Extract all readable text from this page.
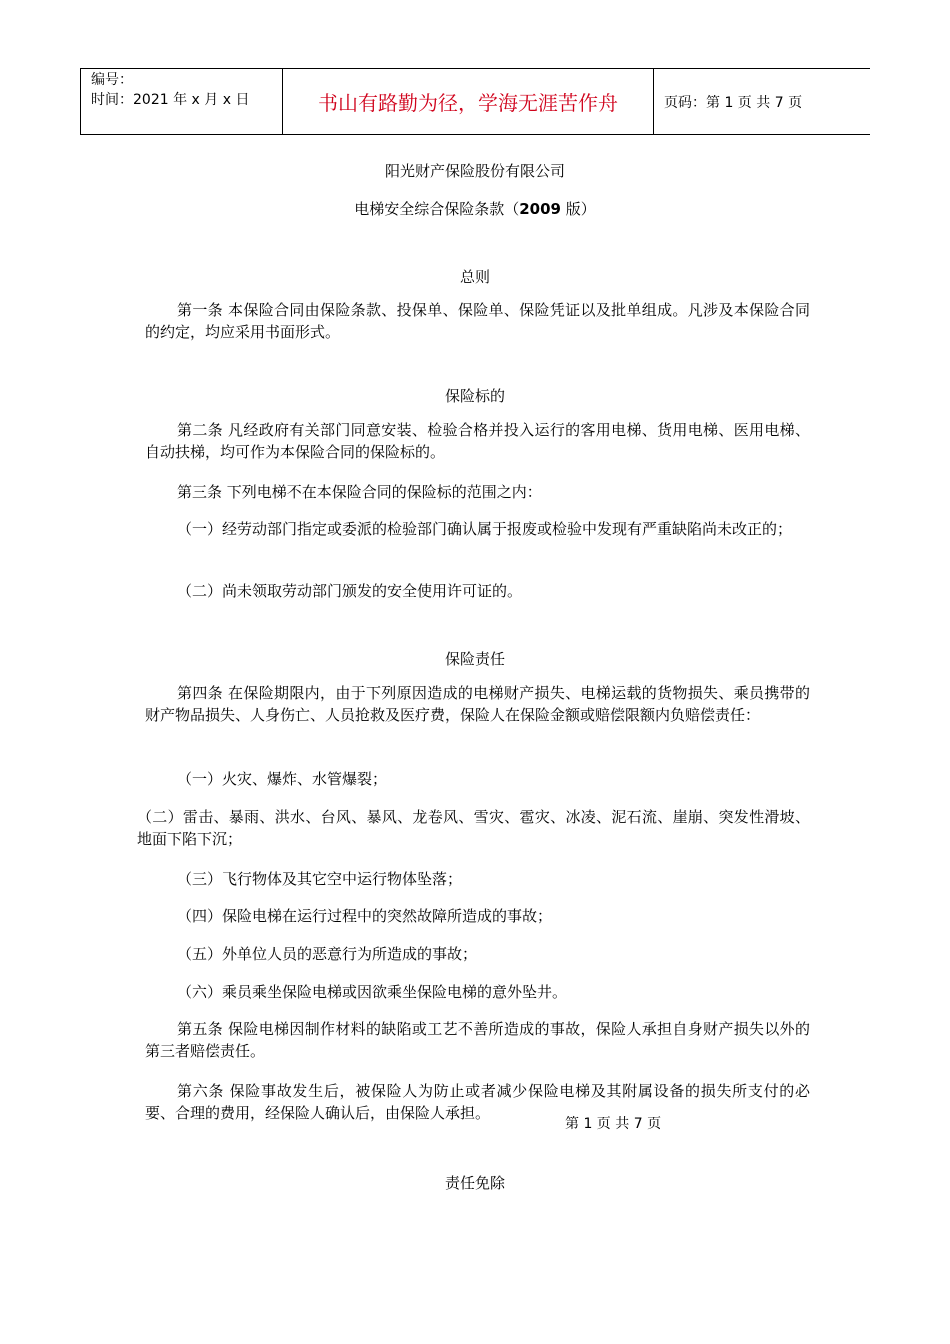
编号：
时间：2021 年 x 月 x 日	书山有路勤为径，学海无涯苦作舟	页码：第 1 页 共 7 页
阳光财产保险股份有限公司
电梯安全综合保险条款（2009 版）
总则
第一条 本保险合同由保险条款、投保单、保险单、保险凭证以及批单组成。凡涉及本保险合同的约定，均应采用书面形式。
保险标的
第二条 凡经政府有关部门同意安装、检验合格并投入运行的客用电梯、货用电梯、医用电梯、自动扶梯，均可作为本保险合同的保险标的。
第三条 下列电梯不在本保险合同的保险标的范围之内：
（一）经劳动部门指定或委派的检验部门确认属于报废或检验中发现有严重缺陷尚未改正的；
（二）尚未领取劳动部门颁发的安全使用许可证的。
保险责任
第四条 在保险期限内，由于下列原因造成的电梯财产损失、电梯运载的货物损失、乘员携带的财产物品损失、人身伤亡、人员抢救及医疗费，保险人在保险金额或赔偿限额内负赔偿责任：
（一）火灾、爆炸、水管爆裂；
（二）雷击、暴雨、洪水、台风、暴风、龙卷风、雪灾、雹灾、冰凌、泥石流、崖崩、突发性滑坡、地面下陷下沉；
（三）飞行物体及其它空中运行物体坠落；
（四）保险电梯在运行过程中的突然故障所造成的事故；
（五）外单位人员的恶意行为所造成的事故；
（六）乘员乘坐保险电梯或因欲乘坐保险电梯的意外坠井。
第五条 保险电梯因制作材料的缺陷或工艺不善所造成的事故，保险人承担自身财产损失以外的第三者赔偿责任。
第六条 保险事故发生后，被保险人为防止或者减少保险电梯及其附属设备的损失所支付的必要、合理的费用，经保险人确认后，由保险人承担。
第 1 页 共 7 页
责任免除
